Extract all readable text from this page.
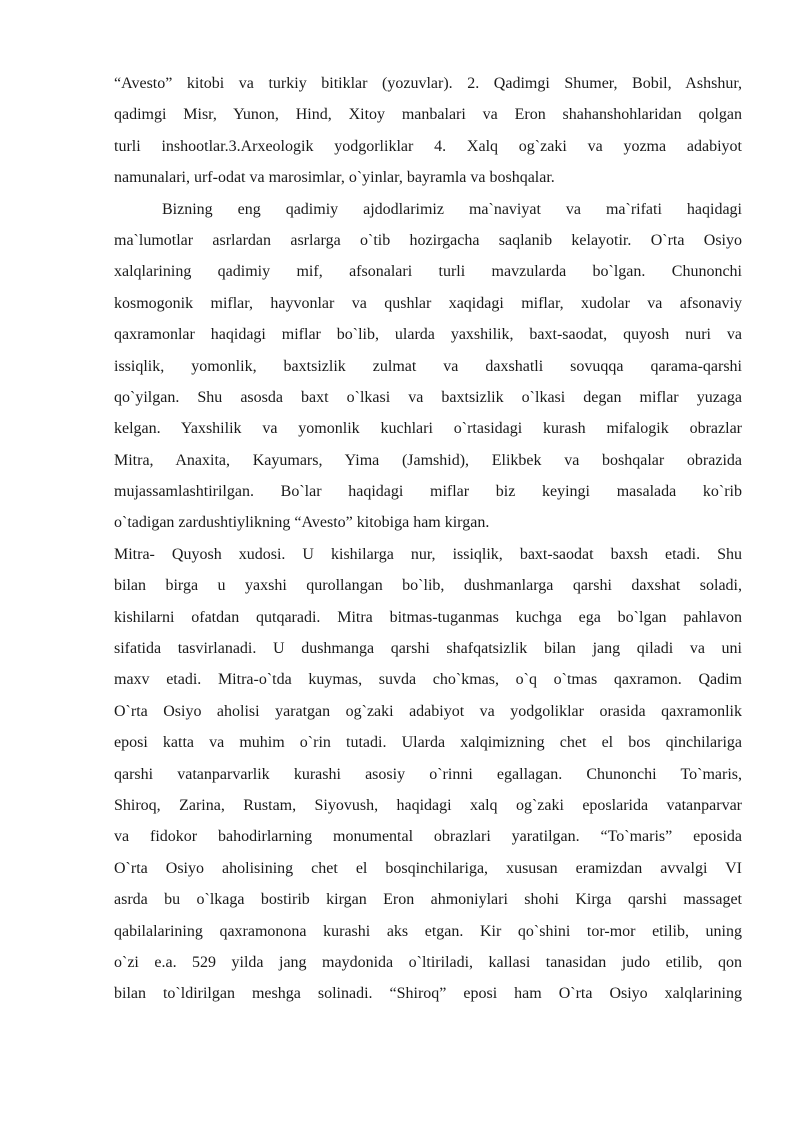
“Avesto” kitobi va turkiy bitiklar (yozuvlar). 2. Qadimgi Shumer, Bobil, Ashshur,
qadimgi Misr, Yunon, Hind, Xitoy manbalari va Eron shahanshohlaridan qolgan
turli inshootlar.3.Arxeologik yodgorliklar 4. Xalq og`zaki va yozma adabiyot
namunalari, urf-odat va marosimlar, o`yinlar, bayramla va boshqalar.
Bizning eng qadimiy ajdodlarimiz ma`naviyat va ma`rifati haqidagi
ma`lumotlar asrlardan asrlarga o`tib hozirgacha saqlanib kelayotir. O`rta Osiyo
xalqlarining qadimiy mif, afsonalari turli mavzularda bo`lgan. Chunonchi
kosmogonik miflar, hayvonlar va qushlar xaqidagi miflar, xudolar va afsonaviy
qaxramonlar haqidagi miflar bo`lib, ularda yaxshilik, baxt-saodat, quyosh nuri va
issiqlik, yomonlik, baxtsizlik zulmat va daxshatli sovuqqa qarama-qarshi
qo`yilgan. Shu asosda baxt o`lkasi va baxtsizlik o`lkasi degan miflar yuzaga
kelgan. Yaxshilik va yomonlik kuchlari o`rtasidagi kurash mifalogik obrazlar
Mitra, Anaxita, Kayumars, Yima (Jamshid), Elikbek va boshqalar obrazida
mujassamlashtirilgan. Bo`lar haqidagi miflar biz keyingi masalada ko`rib
o`tadigan zardushtiylikning “Avesto” kitobiga ham kirgan.
Mitra- Quyosh xudosi. U kishilarga nur, issiqlik, baxt-saodat baxsh etadi. Shu
bilan birga u yaxshi qurollangan bo`lib, dushmanlarga qarshi daxshat soladi,
kishilarni ofatdan qutqaradi. Mitra bitmas-tuganmas kuchga ega bo`lgan pahlavon
sifatida tasvirlanadi. U dushmanga qarshi shafqatsizlik bilan jang qiladi va uni
maxv etadi. Mitra-o`tda kuymas, suvda cho`kmas, o`q o`tmas qaxramon. Qadim
O`rta Osiyo aholisi yaratgan og`zaki adabiyot va yodgoliklar orasida qaxramonlik
eposi katta va muhim o`rin tutadi. Ularda xalqimizning chet el bos qinchilariga
qarshi vatanparvarlik kurashi asosiy o`rinni egallagan. Chunonchi To`maris,
Shiroq, Zarina, Rustam, Siyovush, haqidagi xalq og`zaki eposlarida vatanparvar
va fidokor bahodirlarning monumental obrazlari yaratilgan. “To`maris” eposida
O`rta Osiyo aholisining chet el bosqinchilariga, xususan eramizdan avvalgi VI
asrda bu o`lkaga bostirib kirgan Eron ahmoniylari shohi Kirga qarshi massaget
qabilalarining qaxramonona kurashi aks etgan. Kir qo`shini tor-mor etilib, uning
o`zi e.a. 529 yilda jang maydonida o`ltiriladi, kallasi tanasidan judo etilib, qon
bilan to`ldirilgan meshga solinadi. “Shiroq” eposi ham O`rta Osiyo xalqlarining
